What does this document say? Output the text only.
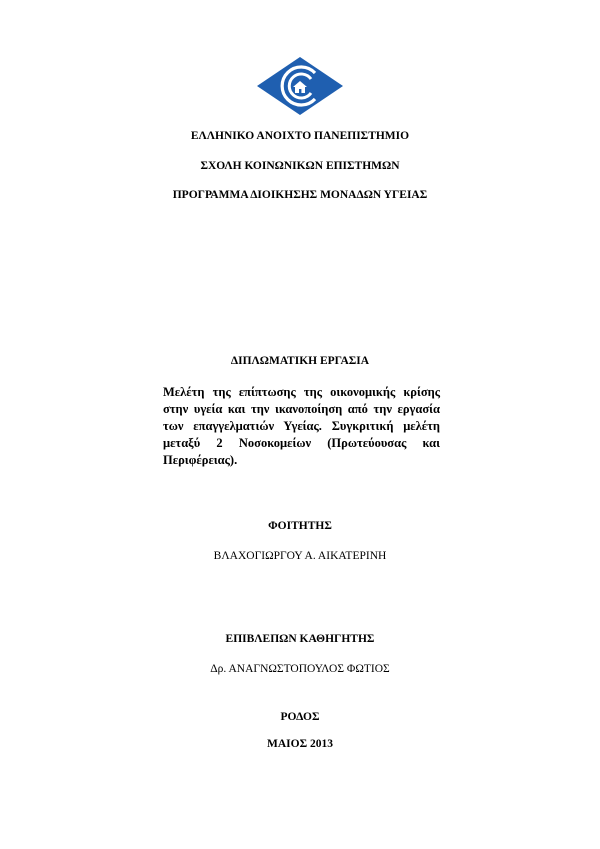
ΕΛΛΗΝΙΚΟ ΑΝΟΙΧΤΟ ΠΑΝΕΠΙΣΤΗΜΙΟ
ΣΧΟΛΗ ΚΟΙΝΩΝΙΚΩΝ ΕΠΙΣΤΗΜΩΝ
ΠΡΟΓΡΑΜΜΑ ΔΙΟΙΚΗΣΗΣ ΜΟΝΑΔΩΝ ΥΓΕΙΑΣ
ΔΙΠΛΩΜΑΤΙΚΗ ΕΡΓΑΣΙΑ
Μελέτη της επίπτωσης της οικονομικής κρίσης στην υγεία και την ικανοποίηση από την εργασία των επαγγελματιών Υγείας. Συγκριτική μελέτη μεταξύ 2 Νοσοκομείων (Πρωτεύουσας και Περιφέρειας).
ΦΟΙΤΗΤΗΣ
ΒΛΑΧΟΓΙΩΡΓΟΥ Α. ΑΙΚΑΤΕΡΙΝΗ
ΕΠΙΒΛΕΠΩΝ ΚΑΘΗΓΗΤΗΣ
Δρ. ΑΝΑΓΝΩΣΤΟΠΟΥΛΟΣ ΦΩΤΙΟΣ
ΡΟΔΟΣ
ΜΑΙΟΣ 2013
